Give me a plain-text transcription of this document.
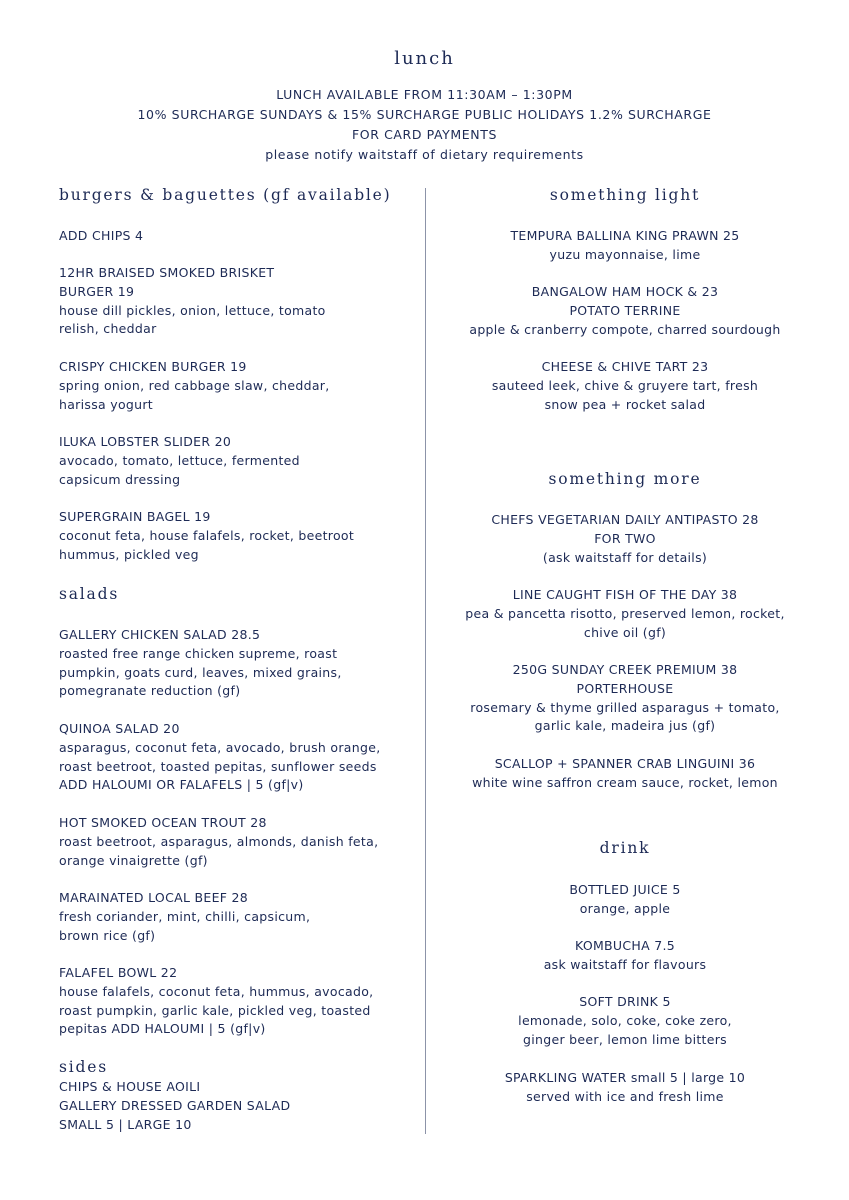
lunch
LUNCH AVAILABLE FROM 11:30AM – 1:30PM
10% SURCHARGE SUNDAYS & 15% SURCHARGE PUBLIC HOLIDAYS 1.2% SURCHARGE
FOR CARD PAYMENTS
please notify waitstaff of dietary requirements
burgers & baguettes (gf available)
ADD CHIPS 4
12HR BRAISED SMOKED BRISKET
BURGER 19
house dill pickles, onion, lettuce, tomato
relish, cheddar
CRISPY CHICKEN BURGER 19
spring onion, red cabbage slaw, cheddar,
harissa yogurt
ILUKA LOBSTER SLIDER 20
avocado, tomato, lettuce, fermented
capsicum dressing
SUPERGRAIN BAGEL 19
coconut feta, house falafels, rocket, beetroot
hummus, pickled veg
salads
GALLERY CHICKEN SALAD 28.5
roasted free range chicken supreme, roast
pumpkin, goats curd, leaves, mixed grains,
pomegranate reduction (gf)
QUINOA SALAD 20
asparagus, coconut feta, avocado, brush orange,
roast beetroot, toasted pepitas, sunflower seeds
ADD HALOUMI OR FALAFELS | 5 (gf|v)
HOT SMOKED OCEAN TROUT 28
roast beetroot, asparagus, almonds, danish feta,
orange vinaigrette (gf)
MARAINATED LOCAL BEEF 28
fresh coriander, mint, chilli, capsicum,
brown rice (gf)
FALAFEL BOWL 22
house falafels, coconut feta, hummus, avocado,
roast pumpkin, garlic kale, pickled veg, toasted
pepitas ADD HALOUMI | 5 (gf|v)
sides
CHIPS & HOUSE AOILI
GALLERY DRESSED GARDEN SALAD
SMALL 5 | LARGE 10
something light
TEMPURA BALLINA KING PRAWN 25
yuzu mayonnaise, lime
BANGALOW HAM HOCK & 23
POTATO TERRINE
apple & cranberry compote, charred sourdough
CHEESE & CHIVE TART 23
sauteed leek, chive & gruyere tart, fresh
snow pea + rocket salad
something more
CHEFS VEGETARIAN DAILY ANTIPASTO 28
FOR TWO
(ask waitstaff for details)
LINE CAUGHT FISH OF THE DAY 38
pea & pancetta risotto, preserved lemon, rocket,
chive oil (gf)
250G SUNDAY CREEK PREMIUM 38
PORTERHOUSE
rosemary & thyme grilled asparagus + tomato,
garlic kale, madeira jus (gf)
SCALLOP + SPANNER CRAB LINGUINI 36
white wine saffron cream sauce, rocket, lemon
drink
BOTTLED JUICE 5
orange, apple
KOMBUCHA 7.5
ask waitstaff for flavours
SOFT DRINK 5
lemonade, solo, coke, coke zero,
ginger beer, lemon lime bitters
SPARKLING WATER small 5 | large 10
served with ice and fresh lime
